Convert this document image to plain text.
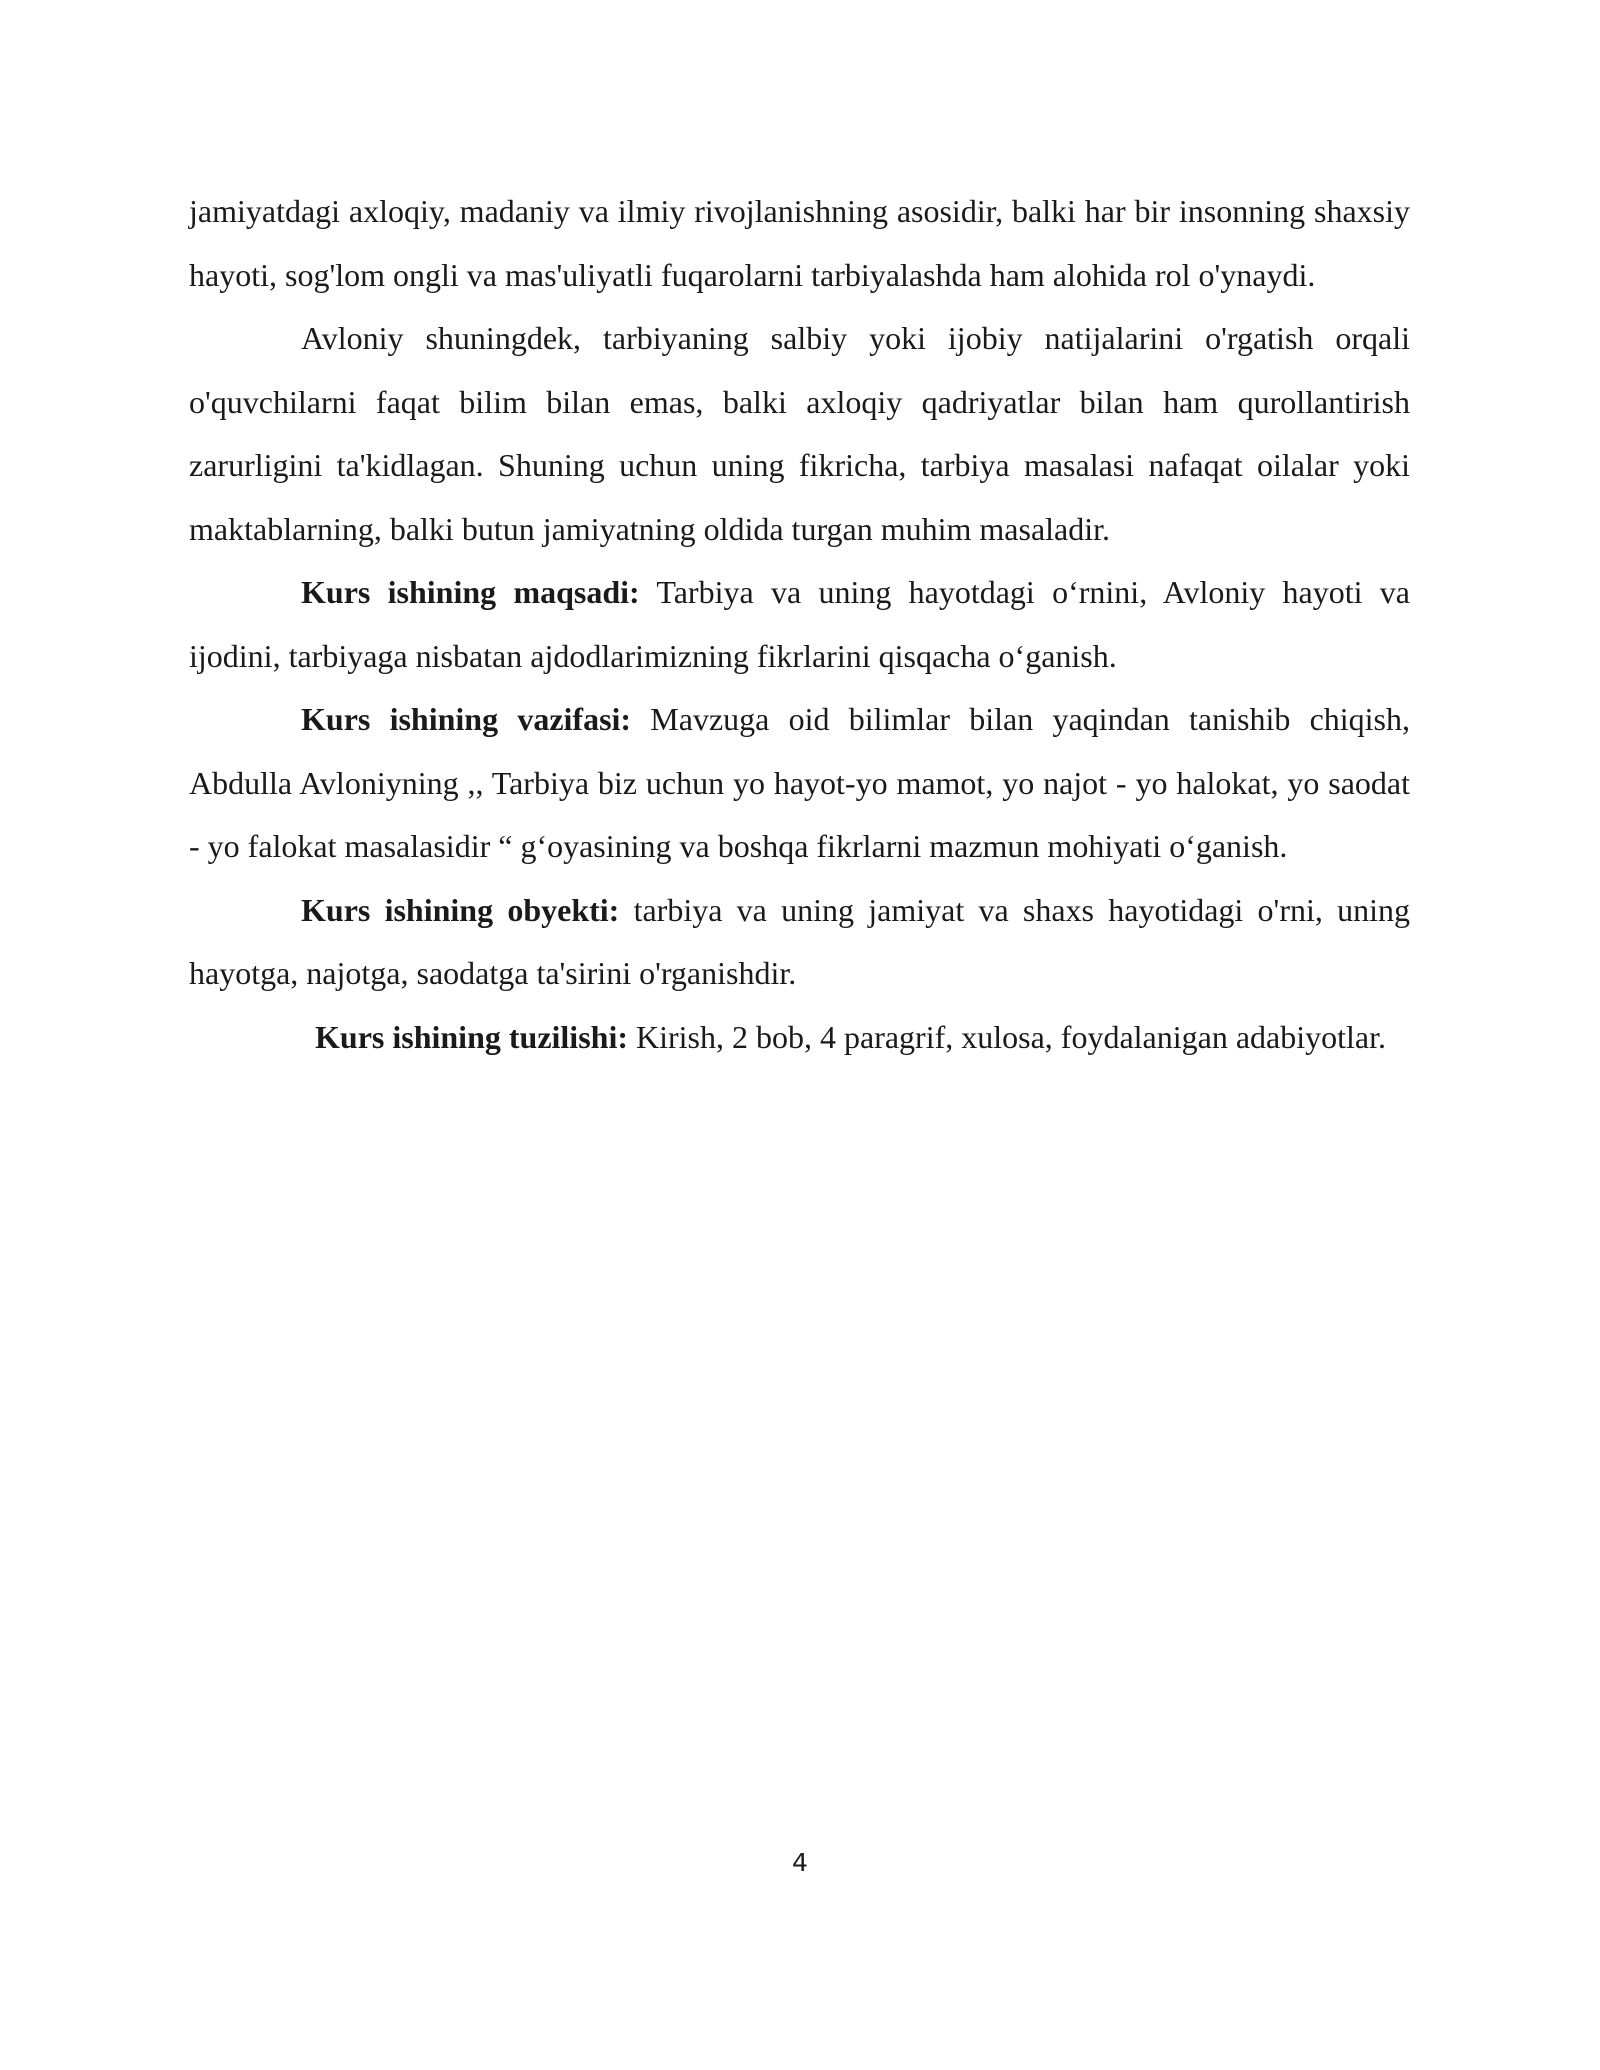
jamiyatdagi axloqiy, madaniy va ilmiy rivojlanishning asosidir, balki har bir insonning shaxsiy hayoti, sog'lom ongli va mas'uliyatli fuqarolarni tarbiyalashda ham alohida rol o'ynaydi.

Avloniy shuningdek, tarbiyaning salbiy yoki ijobiy natijalarini o'rgatish orqali o'quvchilarni faqat bilim bilan emas, balki axloqiy qadriyatlar bilan ham qurollantirish zarurligini ta'kidlagan. Shuning uchun uning fikricha, tarbiya masalasi nafaqat oilalar yoki maktablarning, balki butun jamiyatning oldida turgan muhim masaladir.

Kurs ishining maqsadi: Tarbiya va uning hayotdagi o‘rnini, Avloniy hayoti va ijodini, tarbiyaga nisbatan ajdodlarimizning fikrlarini qisqacha o‘ganish.

Kurs ishining vazifasi: Mavzuga oid bilimlar bilan yaqindan tanishib chiqish, Abdulla Avloniyning ,, Tarbiya biz uchun yo hayot-yo mamot, yo najot - yo halokat, yo saodat - yo falokat masalasidir “ g‘oyasining va boshqa fikrlarni mazmun mohiyati o‘ganish.

Kurs ishining obyekti: tarbiya va uning jamiyat va shaxs hayotidagi o'rni, uning hayotga, najotga, saodatga ta'sirini o'rganishdir.

Kurs ishining tuzilishi: Kirish, 2 bob, 4 paragrif, xulosa, foydalanigan adabiyotlar.

4
